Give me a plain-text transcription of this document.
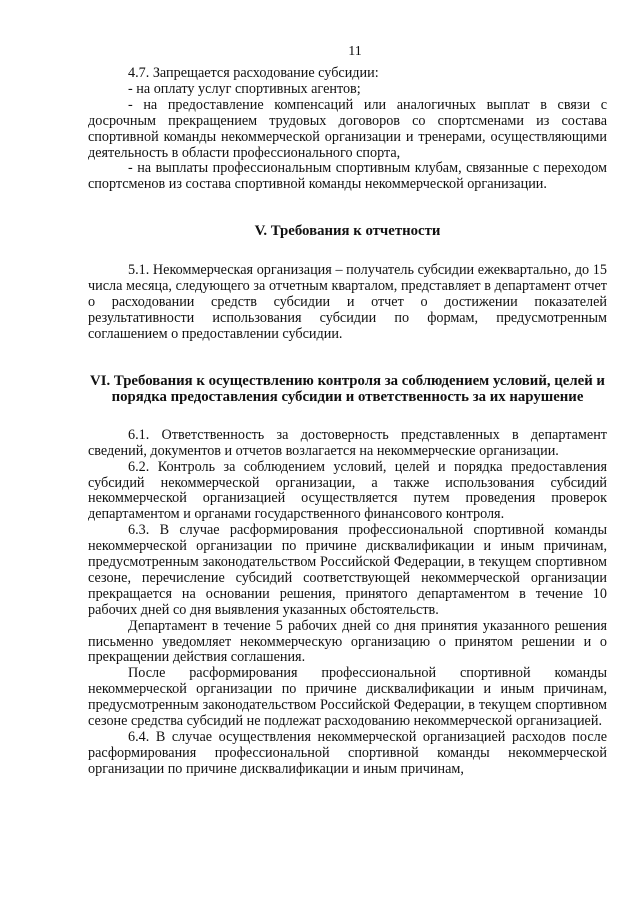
11

4.7. Запрещается расходование субсидии:

- на оплату услуг спортивных агентов;

- на предоставление компенсаций или аналогичных выплат в связи с досрочным прекращением трудовых договоров со спортсменами из состава спортивной команды некоммерческой организации и тренерами, осуществляющими деятельность в области профессионального спорта,

- на выплаты профессиональным спортивным клубам, связанные с переходом спортсменов из состава спортивной команды некоммерческой организации.

V. Требования к отчетности

5.1. Некоммерческая организация – получатель субсидии ежеквартально, до 15 числа месяца, следующего за отчетным кварталом, представляет в департамент отчет о расходовании средств субсидии и отчет о достижении показателей результативности использования субсидии по формам, предусмотренным соглашением о предоставлении субсидии.

VI. Требования к осуществлению контроля за соблюдением условий, целей и порядка предоставления субсидии и ответственность за их нарушение

6.1. Ответственность за достоверность представленных в департамент сведений, документов и отчетов возлагается на некоммерческие организации.

6.2. Контроль за соблюдением условий, целей и порядка предоставления субсидий некоммерческой организации, а также использования субсидий некоммерческой организацией осуществляется путем проведения проверок департаментом и органами государственного финансового контроля.

6.3. В случае расформирования профессиональной спортивной команды некоммерческой организации по причине дисквалификации и иным причинам, предусмотренным законодательством Российской Федерации, в текущем спортивном сезоне, перечисление субсидий соответствующей некоммерческой организации прекращается на основании решения, принятого департаментом в течение 10 рабочих дней со дня выявления указанных обстоятельств.

Департамент в течение 5 рабочих дней со дня принятия указанного решения письменно уведомляет некоммерческую организацию о принятом решении и о прекращении действия соглашения.

После расформирования профессиональной спортивной команды некоммерческой организации по причине дисквалификации и иным причинам, предусмотренным законодательством Российской Федерации, в текущем спортивном сезоне средства субсидий не подлежат расходованию некоммерческой организацией.

6.4. В случае осуществления некоммерческой организацией расходов после расформирования профессиональной спортивной команды некоммерческой организации по причине дисквалификации и иным причинам,
